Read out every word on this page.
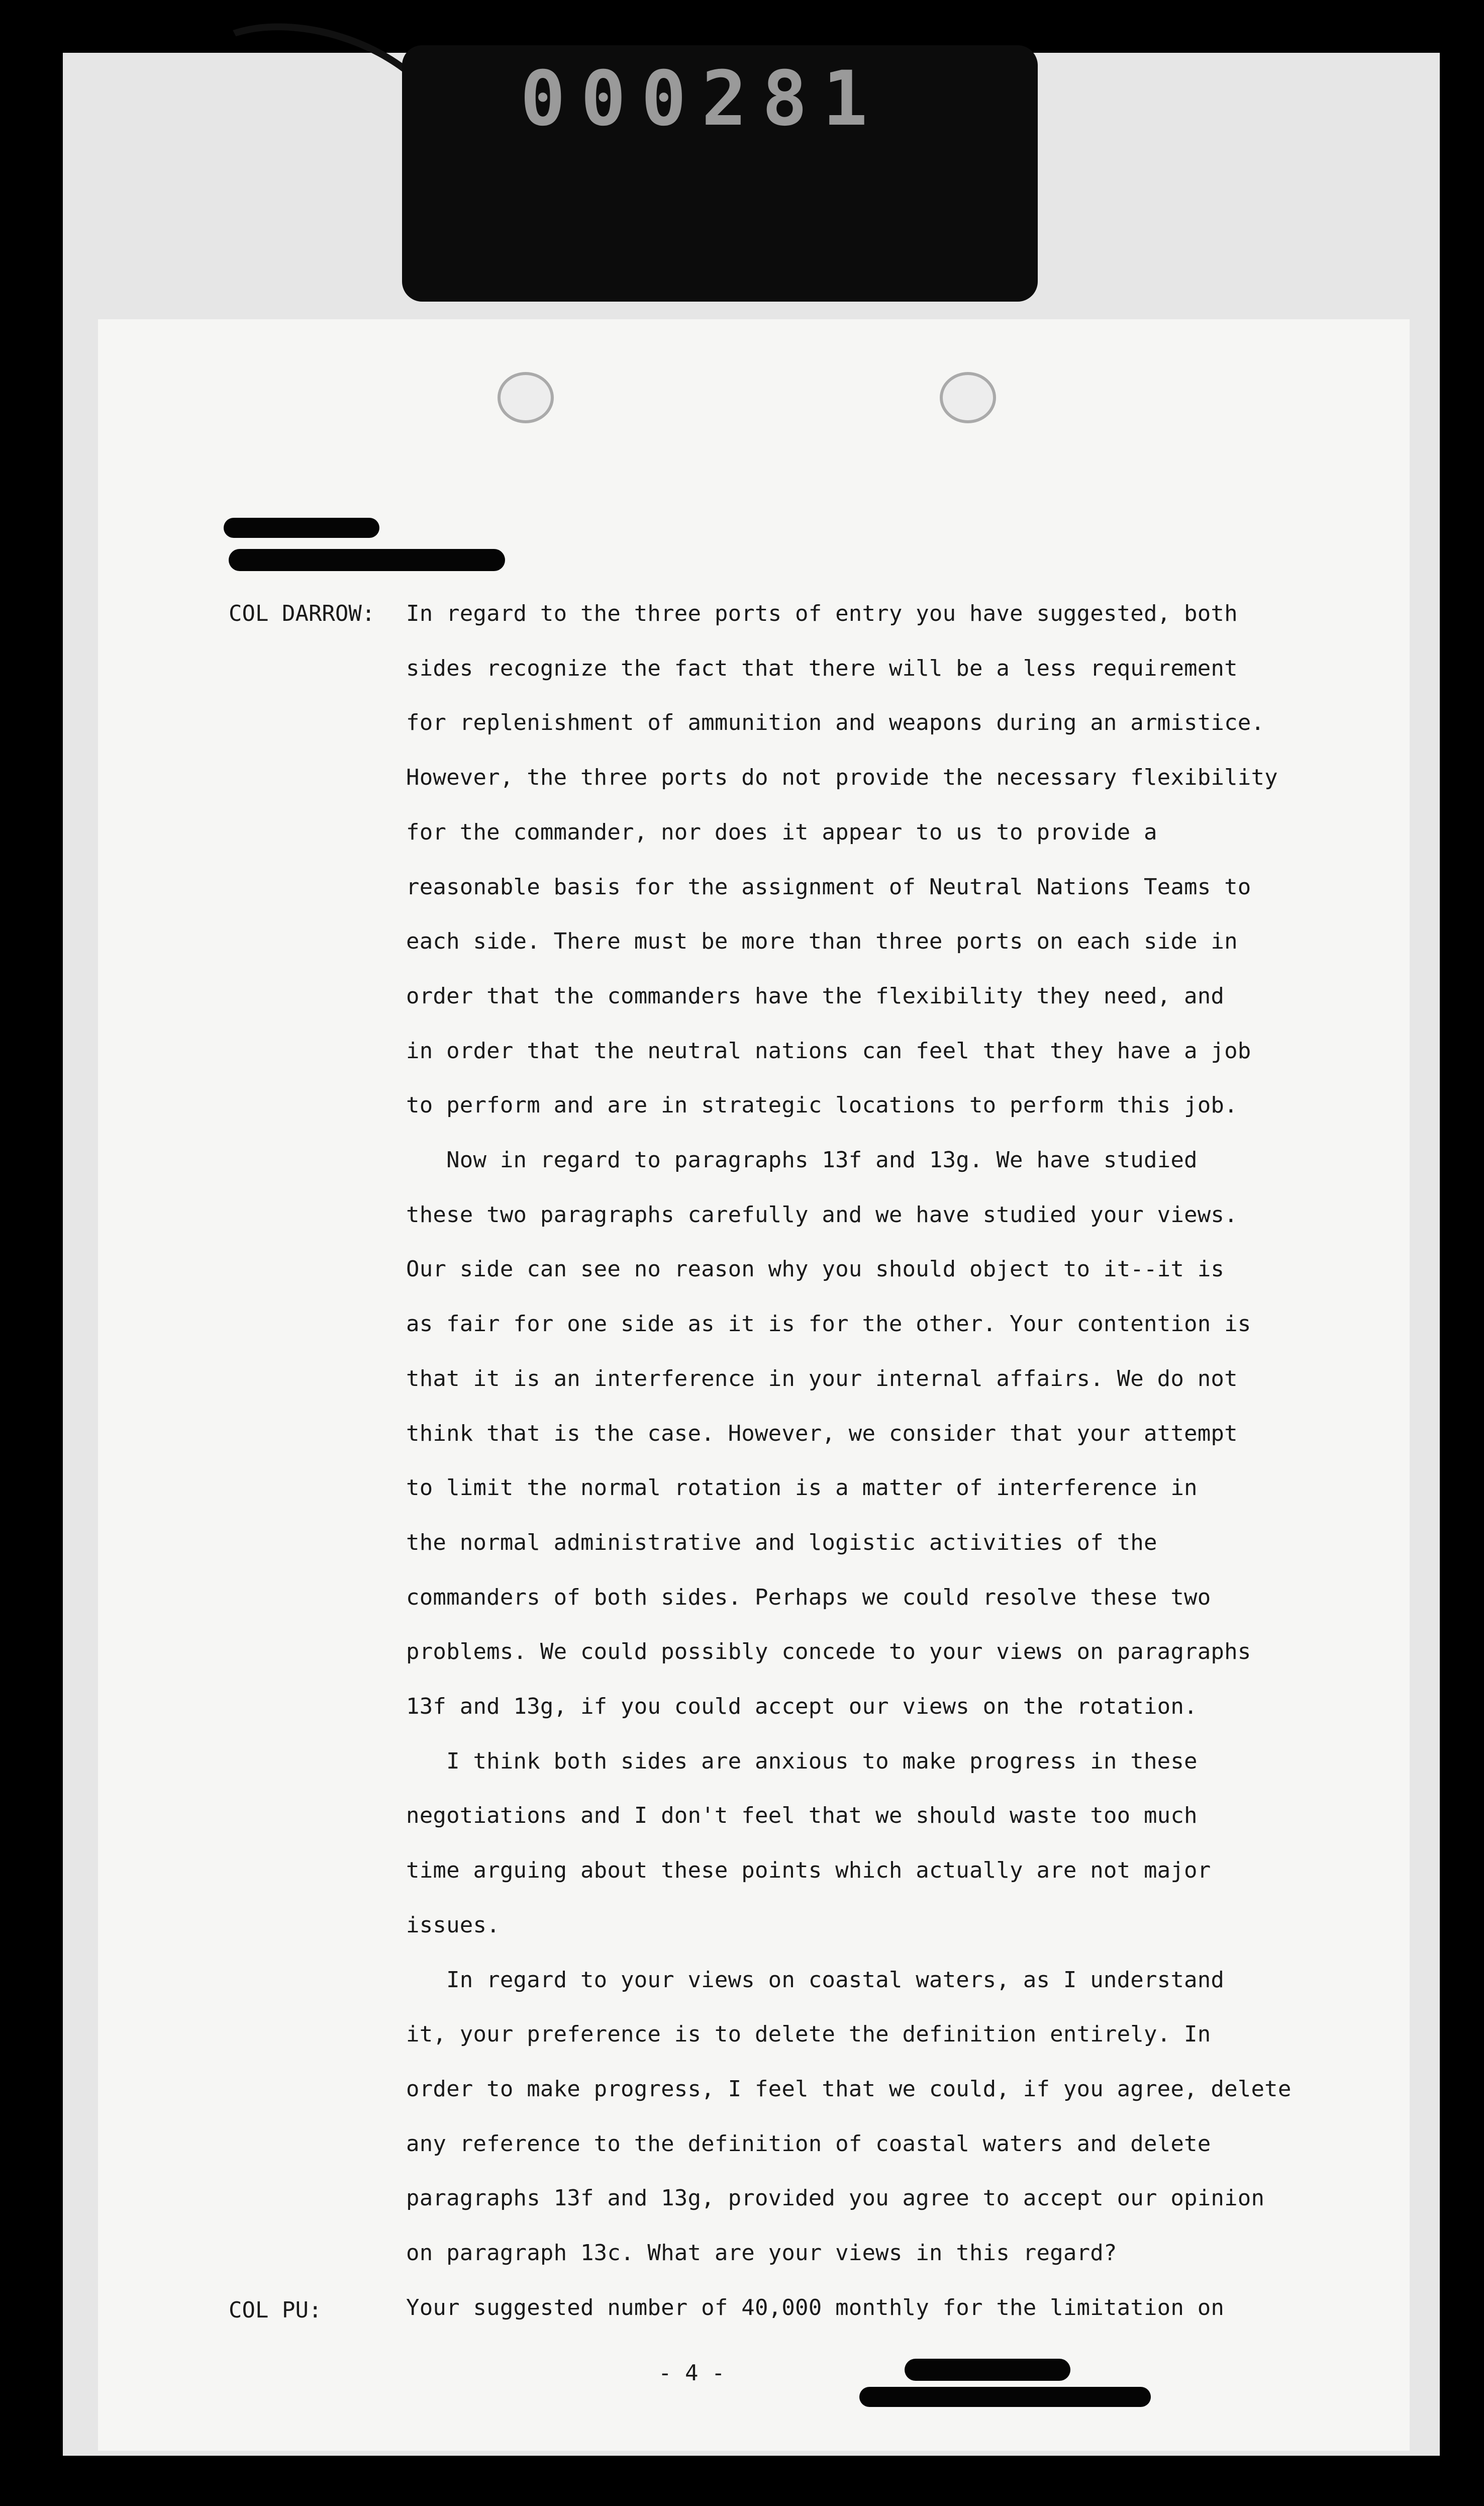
000281
COL DARROW:
COL PU:
In regard to the three ports of entry you have suggested, both
sides recognize the fact that there will be a less requirement
for replenishment of ammunition and weapons during an armistice.
However, the three ports do not provide the necessary flexibility
for the commander, nor does it appear to us to provide a
reasonable basis for the assignment of Neutral Nations Teams to
each side. There must be more than three ports on each side in
order that the commanders have the flexibility they need, and
in order that the neutral nations can feel that they have a job
to perform and are in strategic locations to perform this job.
Now in regard to paragraphs 13f and 13g. We have studied
these two paragraphs carefully and we have studied your views.
Our side can see no reason why you should object to it--it is
as fair for one side as it is for the other. Your contention is
that it is an interference in your internal affairs. We do not
think that is the case. However, we consider that your attempt
to limit the normal rotation is a matter of interference in
the normal administrative and logistic activities of the
commanders of both sides. Perhaps we could resolve these two
problems. We could possibly concede to your views on paragraphs
13f and 13g, if you could accept our views on the rotation.
I think both sides are anxious to make progress in these
negotiations and I don't feel that we should waste too much
time arguing about these points which actually are not major
issues.
In regard to your views on coastal waters, as I understand
it, your preference is to delete the definition entirely. In
order to make progress, I feel that we could, if you agree, delete
any reference to the definition of coastal waters and delete
paragraphs 13f and 13g, provided you agree to accept our opinion
on paragraph 13c. What are your views in this regard?
Your suggested number of 40,000 monthly for the limitation on
- 4 -
